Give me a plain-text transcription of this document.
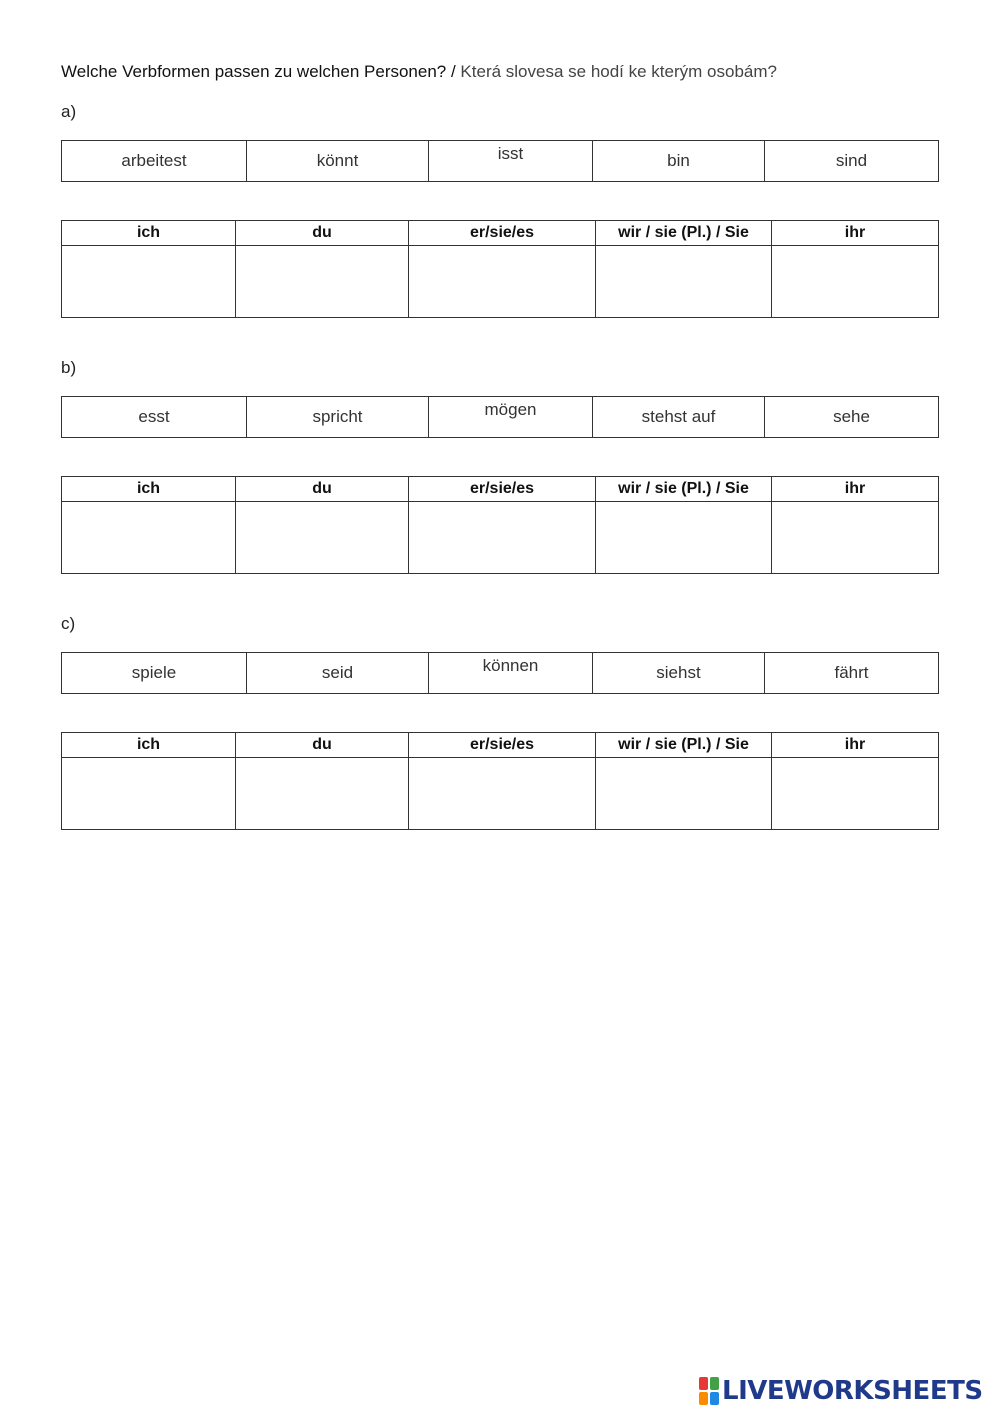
Welche Verbformen passen zu welchen Personen? / Která slovesa se hodí ke kterým osobám?
a)
arbeitest	könnt	isst	bin	sind
ich	du	er/sie/es	wir / sie (Pl.) / Sie	ihr

b)
esst	spricht	mögen	stehst auf	sehe
ich	du	er/sie/es	wir / sie (Pl.) / Sie	ihr

c)
spiele	seid	können	siehst	fährt
ich	du	er/sie/es	wir / sie (Pl.) / Sie	ihr

LIVEWORKSHEETS
